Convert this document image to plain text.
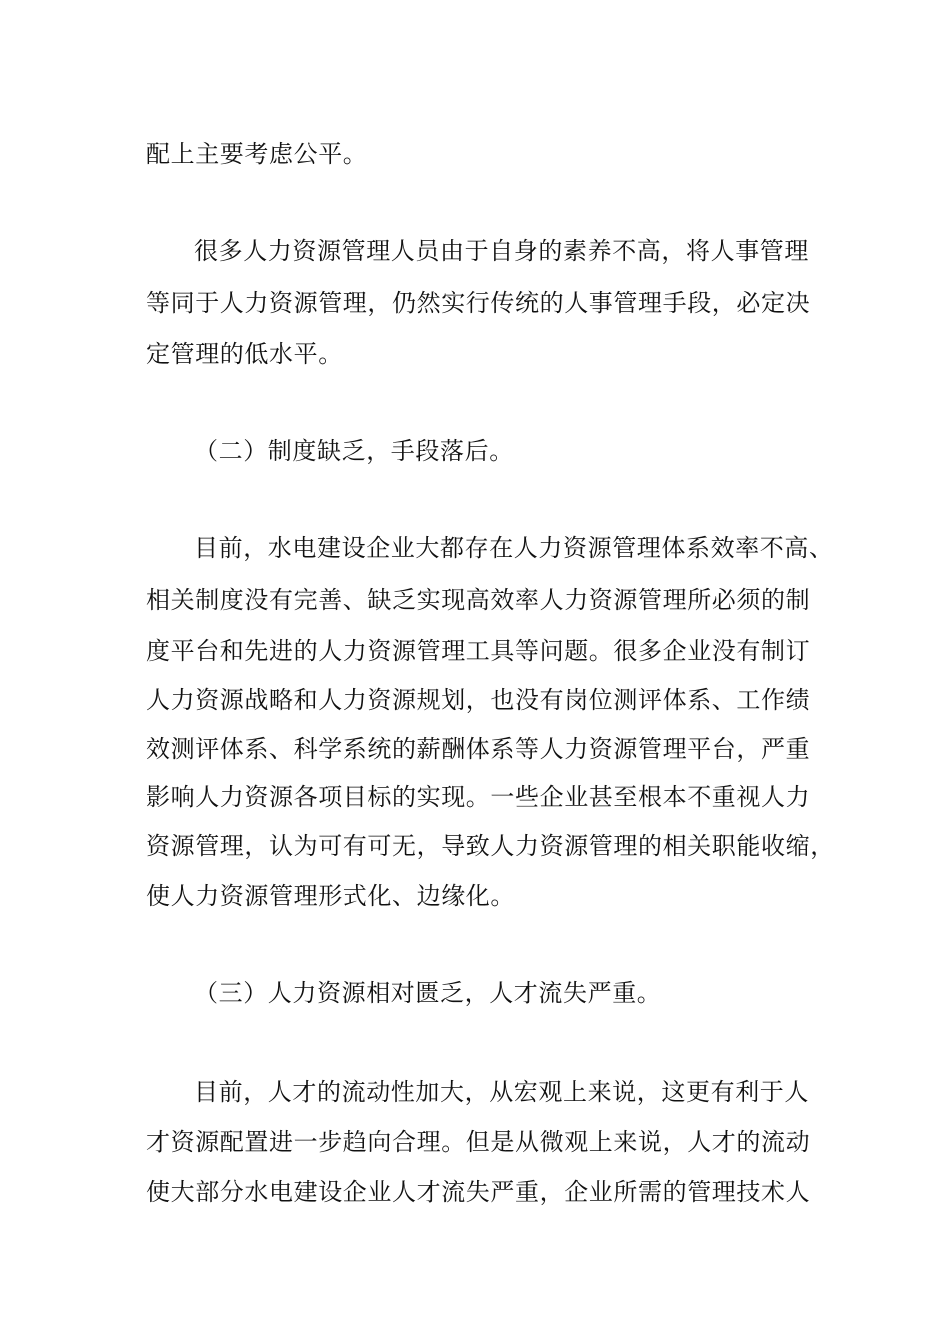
配上主要考虑公平。
很多人力资源管理人员由于自身的素养不高，将人事管理
等同于人力资源管理，仍然实行传统的人事管理手段，必定决
定管理的低水平。
（二）制度缺乏，手段落后。
目前，水电建设企业大都存在人力资源管理体系效率不高、
相关制度没有完善、缺乏实现高效率人力资源管理所必须的制
度平台和先进的人力资源管理工具等问题。很多企业没有制订
人力资源战略和人力资源规划，也没有岗位测评体系、工作绩
效测评体系、科学系统的薪酬体系等人力资源管理平台，严重
影响人力资源各项目标的实现。一些企业甚至根本不重视人力
资源管理，认为可有可无，导致人力资源管理的相关职能收缩，
使人力资源管理形式化、边缘化。
（三）人力资源相对匮乏，人才流失严重。
目前，人才的流动性加大，从宏观上来说，这更有利于人
才资源配置进一步趋向合理。但是从微观上来说，人才的流动
使大部分水电建设企业人才流失严重，企业所需的管理技术人
